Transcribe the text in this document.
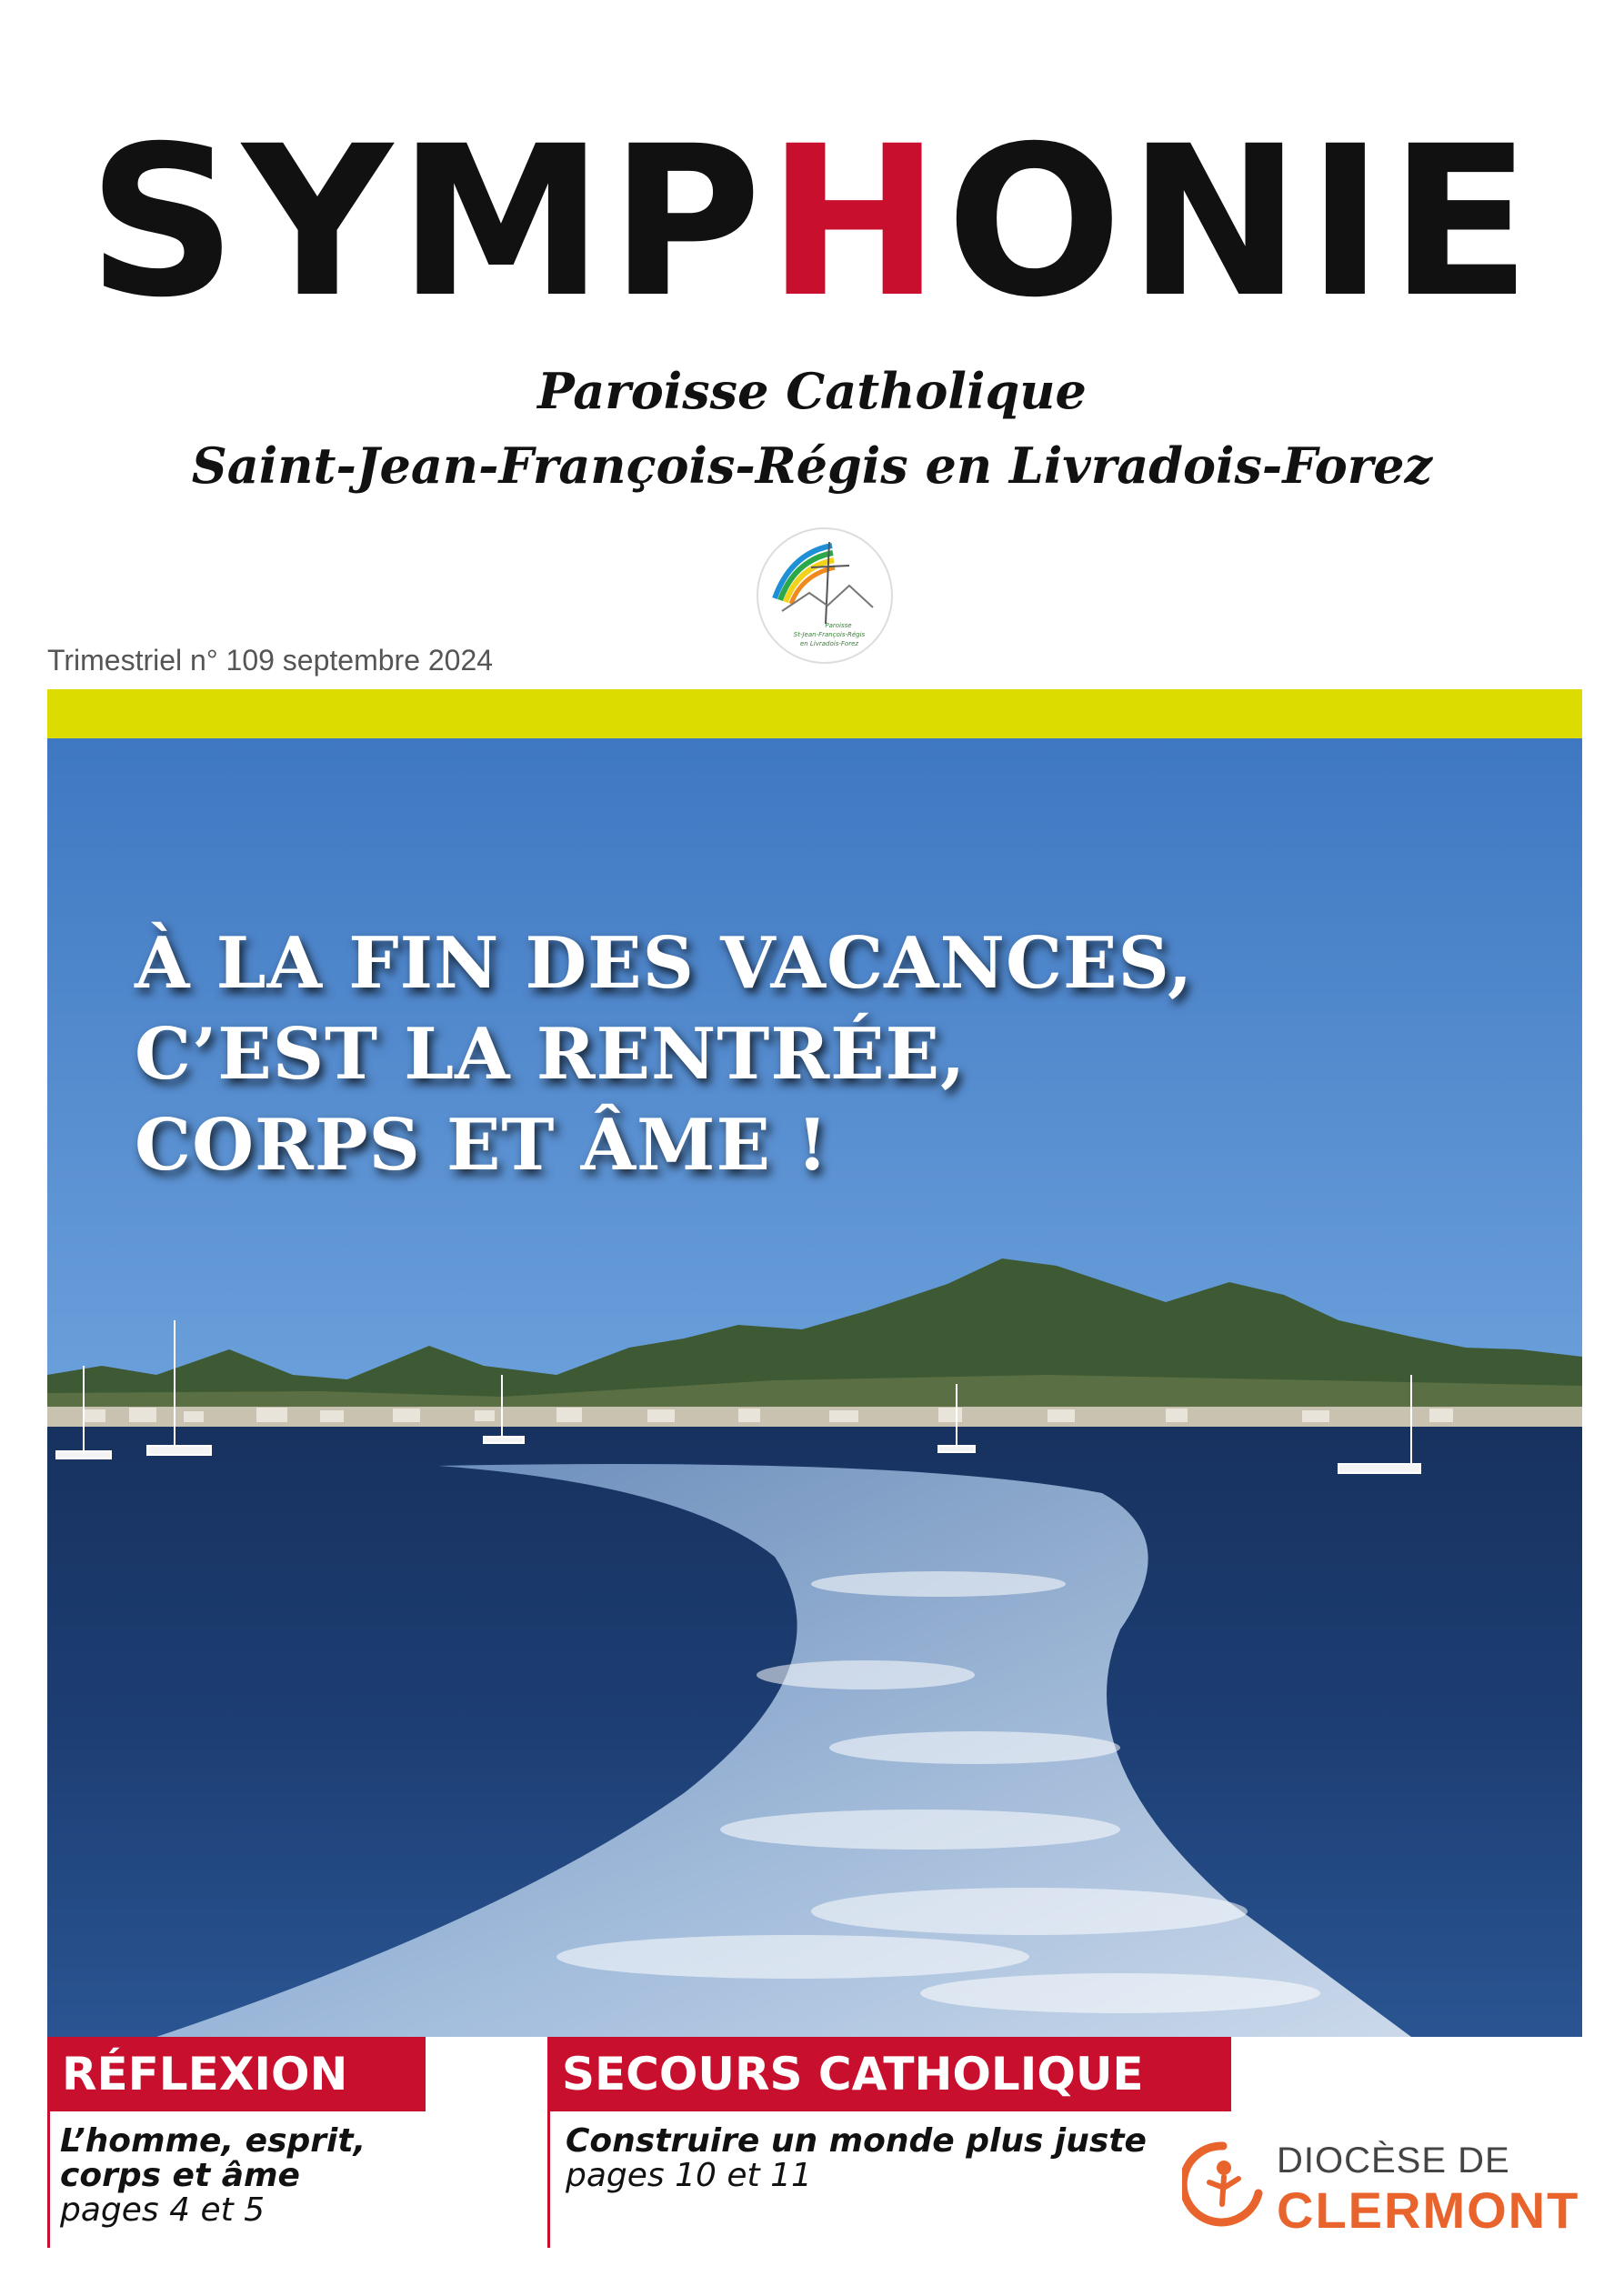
SYMPHONIE
Paroisse Catholique
Saint-Jean-François-Régis en Livradois-Forez
Paroisse
St-Jean-François-Régis
en Livradois-Forez
Trimestriel n° 109 septembre 2024
À LA FIN DES VACANCES,
C’EST LA RENTRÉE,
CORPS ET ÂME !
RÉFLEXION
L’homme, esprit,
corps et âme
pages 4 et 5
SECOURS CATHOLIQUE
Construire un monde plus juste
pages 10 et 11	DIOCÈSE DE
CLERMONT
